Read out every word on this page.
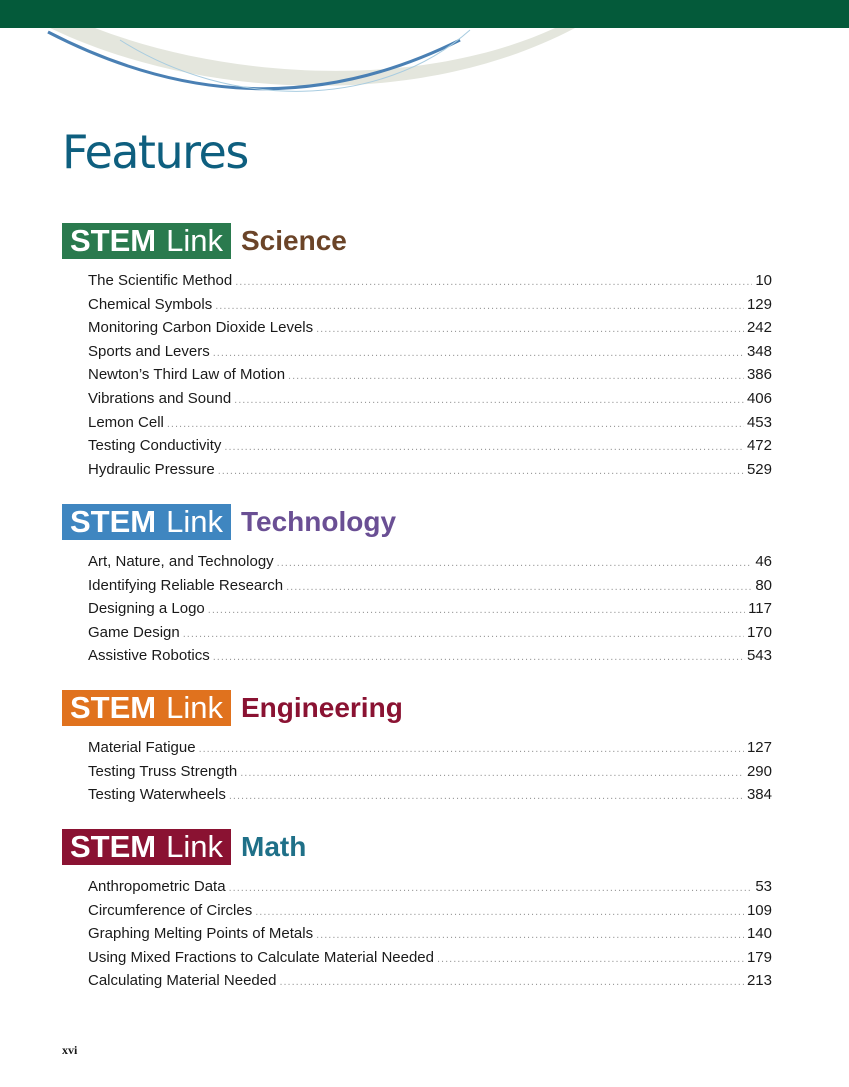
Features
STEM Link Science
The Scientific Method .....	10
Chemical Symbols .....	129
Monitoring Carbon Dioxide Levels .....	242
Sports and Levers .....	348
Newton’s Third Law of Motion .....	386
Vibrations and Sound .....	406
Lemon Cell .....	453
Testing Conductivity .....	472
Hydraulic Pressure .....	529
STEM Link Technology
Art, Nature, and Technology .....	46
Identifying Reliable Research .....	80
Designing a Logo .....	117
Game Design .....	170
Assistive Robotics .....	543
STEM Link Engineering
Material Fatigue .....	127
Testing Truss Strength .....	290
Testing Waterwheels .....	384
STEM Link Math
Anthropometric Data .....	53
Circumference of Circles .....	109
Graphing Melting Points of Metals .....	140
Using Mixed Fractions to Calculate Material Needed .....	179
Calculating Material Needed .....	213

xvi
